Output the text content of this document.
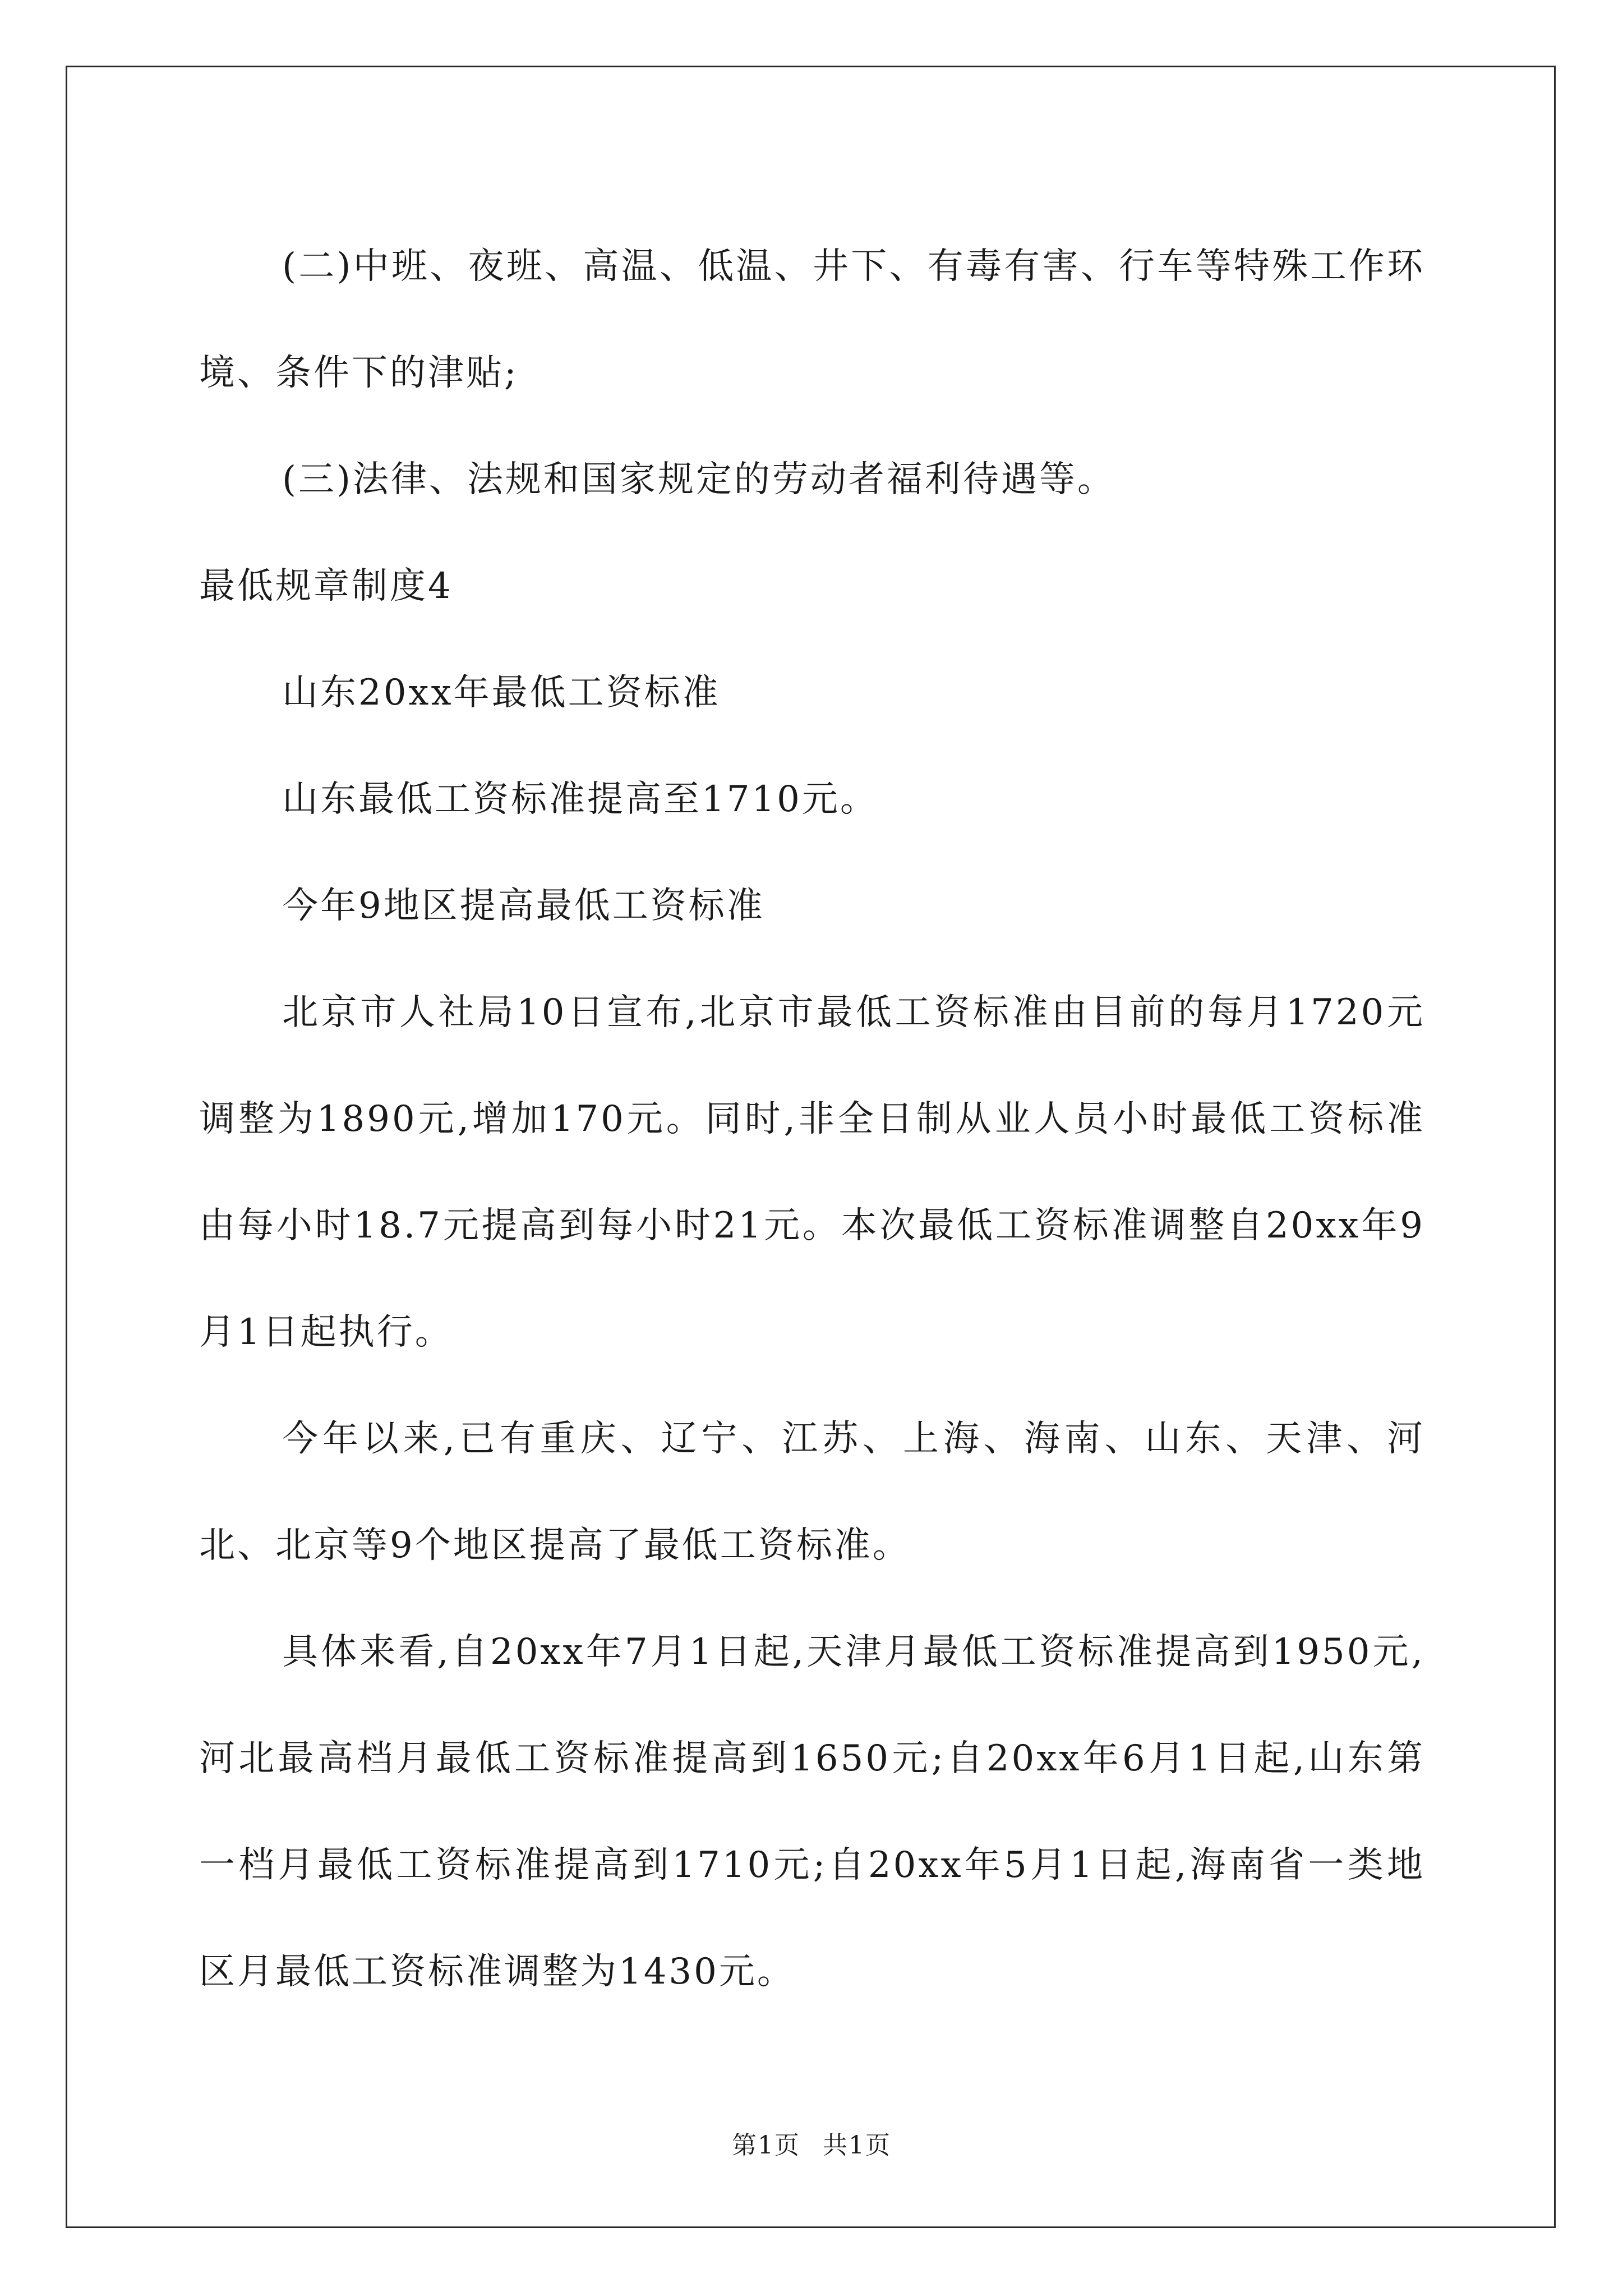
(二)中班、夜班、高温、低温、井下、有毒有害、行车等特殊工作环境、条件下的津贴;

(三)法律、法规和国家规定的劳动者福利待遇等。

最低规章制度4

山东20xx年最低工资标准

山东最低工资标准提高至1710元。

今年9地区提高最低工资标准

北京市人社局10日宣布,北京市最低工资标准由目前的每月1720元调整为1890元,增加170元。同时,非全日制从业人员小时最低工资标准由每小时18.7元提高到每小时21元。本次最低工资标准调整自20xx年9月1日起执行。

今年以来,已有重庆、辽宁、江苏、上海、海南、山东、天津、河北、北京等9个地区提高了最低工资标准。

具体来看,自20xx年7月1日起,天津月最低工资标准提高到1950元,河北最高档月最低工资标准提高到1650元;自20xx年6月1日起,山东第一档月最低工资标准提高到1710元;自20xx年5月1日起,海南省一类地区月最低工资标准调整为1430元。

第1页 共1页
